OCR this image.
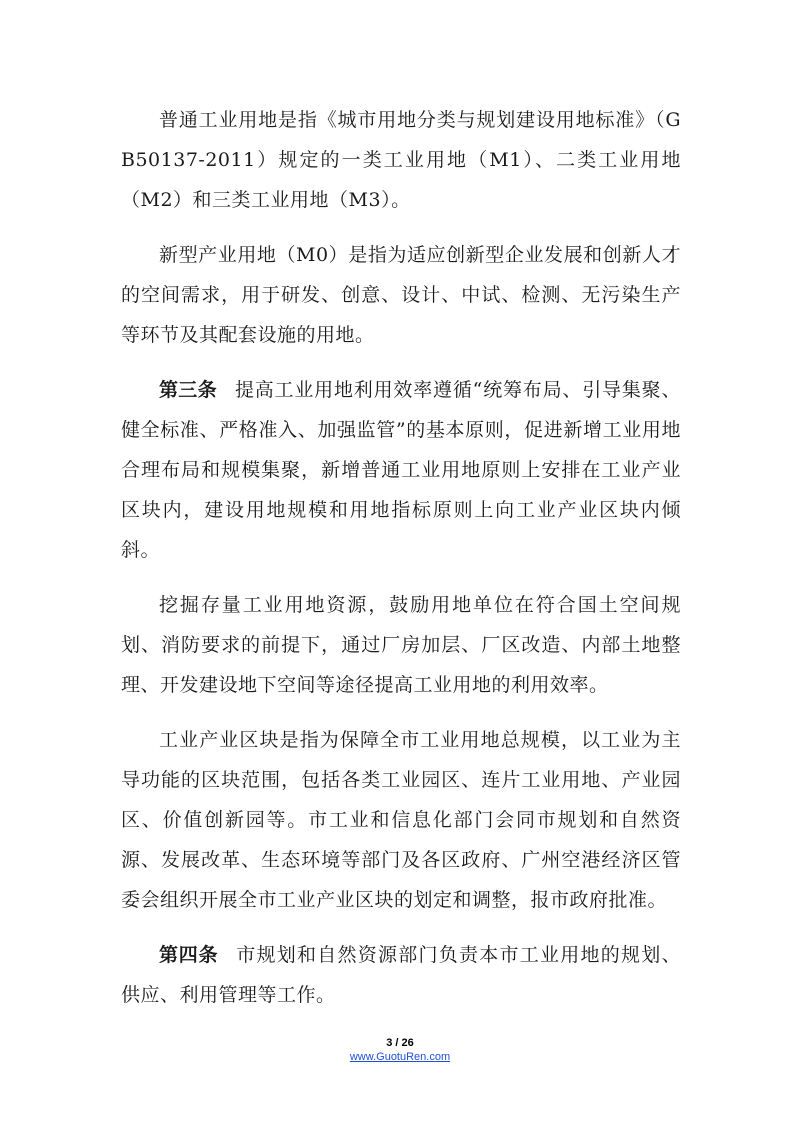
普通工业用地是指《城市用地分类与规划建设用地标准》（GB50137-2011）规定的一类工业用地（M1）、二类工业用地（M2）和三类工业用地（M3）。

新型产业用地（M0）是指为适应创新型企业发展和创新人才的空间需求，用于研发、创意、设计、中试、检测、无污染生产等环节及其配套设施的用地。

第三条 提高工业用地利用效率遵循“统筹布局、引导集聚、健全标准、严格准入、加强监管”的基本原则，促进新增工业用地合理布局和规模集聚，新增普通工业用地原则上安排在工业产业区块内，建设用地规模和用地指标原则上向工业产业区块内倾斜。

挖掘存量工业用地资源，鼓励用地单位在符合国土空间规划、消防要求的前提下，通过厂房加层、厂区改造、内部土地整理、开发建设地下空间等途径提高工业用地的利用效率。

工业产业区块是指为保障全市工业用地总规模，以工业为主导功能的区块范围，包括各类工业园区、连片工业用地、产业园区、价值创新园等。市工业和信息化部门会同市规划和自然资源、发展改革、生态环境等部门及各区政府、广州空港经济区管委会组织开展全市工业产业区块的划定和调整，报市政府批准。

第四条 市规划和自然资源部门负责本市工业用地的规划、供应、利用管理等工作。

3 / 26
www.GuotuRen.com
